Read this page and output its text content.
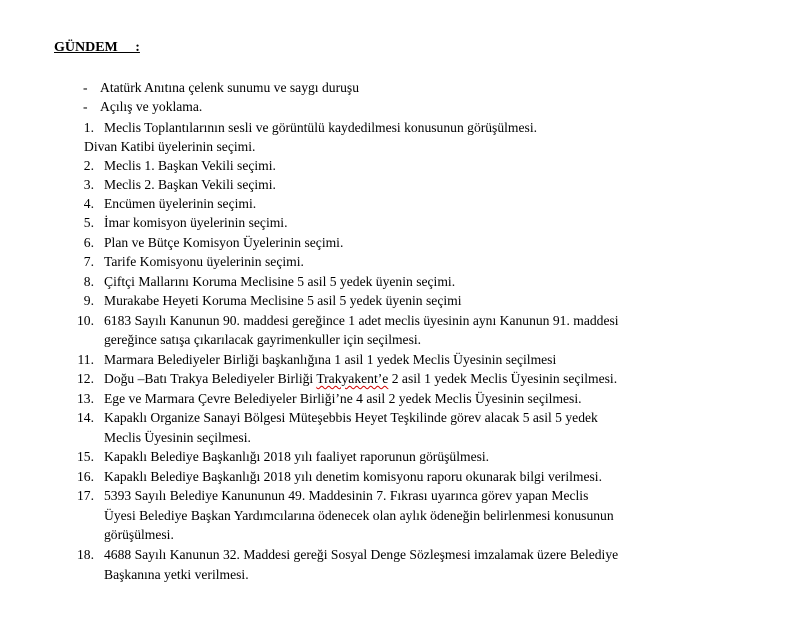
GÜNDEM     :
- Atatürk Anıtına çelenk sunumu ve saygı duruşu
- Açılış ve yoklama.
1. Meclis Toplantılarının sesli ve görüntülü kaydedilmesi konusunun görüşülmesi.
Divan Katibi üyelerinin seçimi.
2. Meclis 1. Başkan Vekili seçimi.
3. Meclis 2. Başkan Vekili seçimi.
4. Encümen üyelerinin seçimi.
5. İmar komisyon üyelerinin seçimi.
6. Plan ve Bütçe Komisyon Üyelerinin seçimi.
7. Tarife Komisyonu üyelerinin seçimi.
8. Çiftçi Mallarını Koruma Meclisine 5 asil 5 yedek üyenin seçimi.
9. Murakabe Heyeti Koruma Meclisine 5 asil 5 yedek üyenin seçimi
10. 6183 Sayılı Kanunun 90. maddesi gereğince 1 adet meclis üyesinin aynı Kanunun 91. maddesi
gereğince satışa çıkarılacak gayrimenkuller için seçilmesi.
11. Marmara Belediyeler Birliği başkanlığına 1 asil 1 yedek Meclis Üyesinin seçilmesi
12. Doğu –Batı Trakya Belediyeler Birliği Trakyakent’e 2 asil 1 yedek Meclis Üyesinin seçilmesi.
13. Ege ve Marmara Çevre Belediyeler Birliği’ne 4 asil 2 yedek Meclis Üyesinin seçilmesi.
14. Kapaklı Organize Sanayi Bölgesi Müteşebbis Heyet Teşkilinde görev alacak 5 asil 5 yedek
Meclis Üyesinin seçilmesi.
15. Kapaklı Belediye Başkanlığı 2018 yılı faaliyet raporunun görüşülmesi.
16. Kapaklı Belediye Başkanlığı 2018 yılı denetim komisyonu raporu okunarak bilgi verilmesi.
17. 5393 Sayılı Belediye Kanununun 49. Maddesinin 7. Fıkrası uyarınca görev yapan Meclis
Üyesi Belediye Başkan Yardımcılarına ödenecek olan aylık ödeneğin belirlenmesi konusunun
görüşülmesi.
18. 4688 Sayılı Kanunun 32. Maddesi gereği Sosyal Denge Sözleşmesi imzalamak üzere Belediye
Başkanına yetki verilmesi.
